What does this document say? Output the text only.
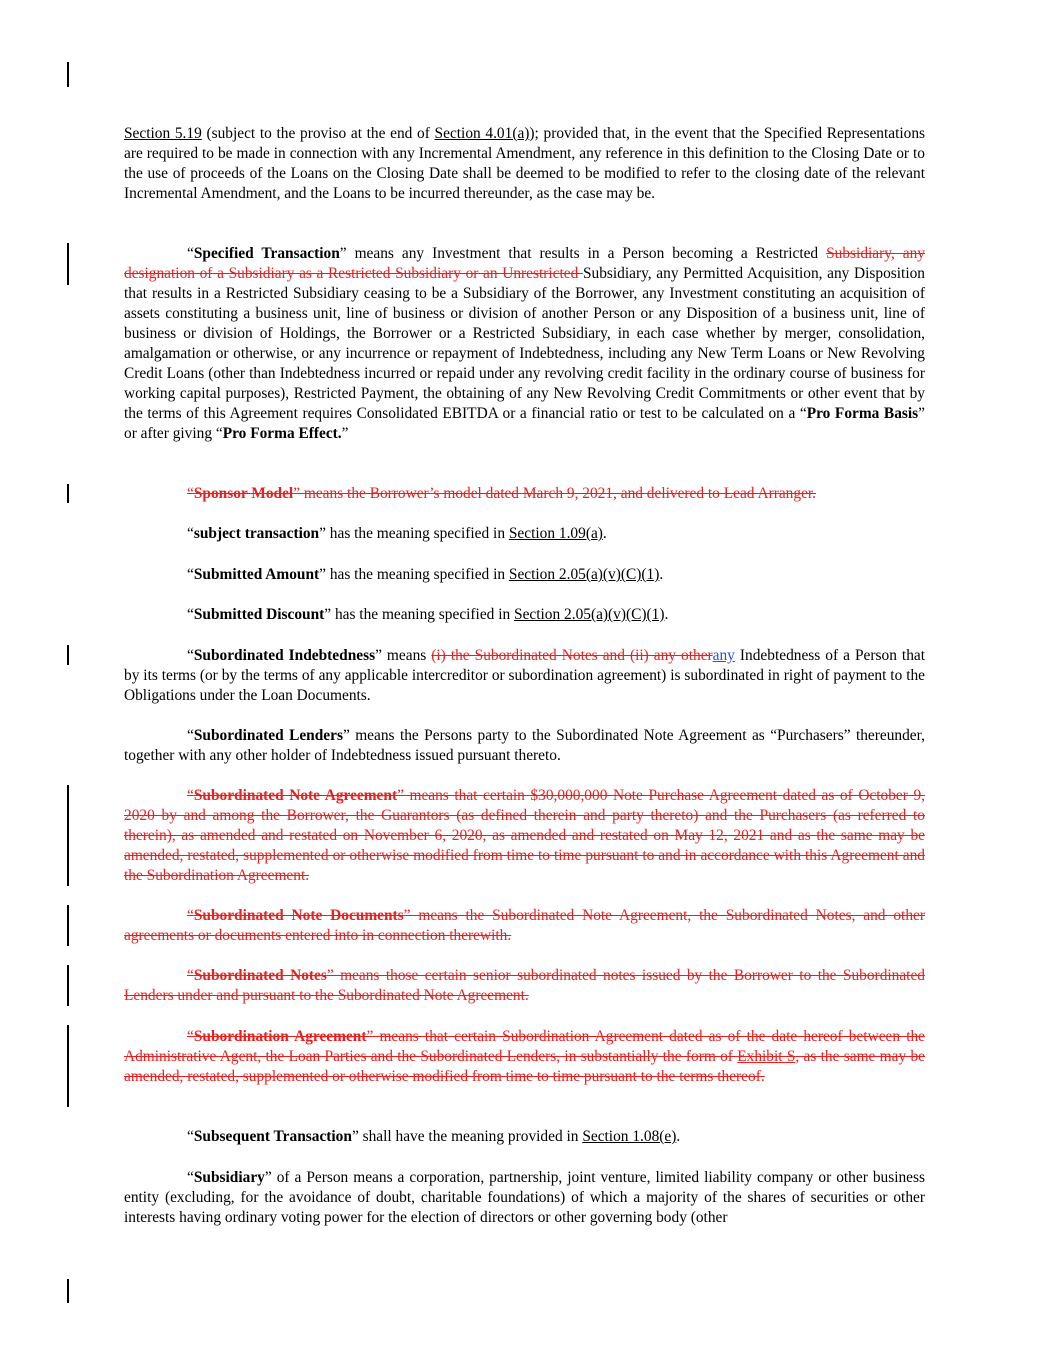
Section 5.19 (subject to the proviso at the end of Section 4.01(a)); provided that, in the event that the Specified Representations are required to be made in connection with any Incremental Amendment, any reference in this definition to the Closing Date or to the use of proceeds of the Loans on the Closing Date shall be deemed to be modified to refer to the closing date of the relevant Incremental Amendment, and the Loans to be incurred thereunder, as the case may be.

“Specified Transaction” means any Investment that results in a Person becoming a Restricted Subsidiary, any designation of a Subsidiary as a Restricted Subsidiary or an Unrestricted Subsidiary, any Permitted Acquisition, any Disposition that results in a Restricted Subsidiary ceasing to be a Subsidiary of the Borrower, any Investment constituting an acquisition of assets constituting a business unit, line of business or division of another Person or any Disposition of a business unit, line of business or division of Holdings, the Borrower or a Restricted Subsidiary, in each case whether by merger, consolidation, amalgamation or otherwise, or any incurrence or repayment of Indebtedness, including any New Term Loans or New Revolving Credit Loans (other than Indebtedness incurred or repaid under any revolving credit facility in the ordinary course of business for working capital purposes), Restricted Payment, the obtaining of any New Revolving Credit Commitments or other event that by the terms of this Agreement requires Consolidated EBITDA or a financial ratio or test to be calculated on a “Pro Forma Basis” or after giving “Pro Forma Effect.”

“Sponsor Model” means the Borrower’s model dated March 9, 2021, and delivered to Lead Arranger.

“subject transaction” has the meaning specified in Section 1.09(a).

“Submitted Amount” has the meaning specified in Section 2.05(a)(v)(C)(1).

“Submitted Discount” has the meaning specified in Section 2.05(a)(v)(C)(1).

“Subordinated Indebtedness” means (i) the Subordinated Notes and (ii) any otherany Indebtedness of a Person that by its terms (or by the terms of any applicable intercreditor or subordination agreement) is subordinated in right of payment to the Obligations under the Loan Documents.

“Subordinated Lenders” means the Persons party to the Subordinated Note Agreement as “Purchasers” thereunder, together with any other holder of Indebtedness issued pursuant thereto.

“Subordinated Note Agreement” means that certain $30,000,000 Note Purchase Agreement dated as of October 9, 2020 by and among the Borrower, the Guarantors (as defined therein and party thereto) and the Purchasers (as referred to therein), as amended and restated on November 6, 2020, as amended and restated on May 12, 2021 and as the same may be amended, restated, supplemented or otherwise modified from time to time pursuant to and in accordance with this Agreement and the Subordination Agreement.

“Subordinated Note Documents” means the Subordinated Note Agreement, the Subordinated Notes, and other agreements or documents entered into in connection therewith.

“Subordinated Notes” means those certain senior subordinated notes issued by the Borrower to the Subordinated Lenders under and pursuant to the Subordinated Note Agreement.

“Subordination Agreement” means that certain Subordination Agreement dated as of the date hereof between the Administrative Agent, the Loan Parties and the Subordinated Lenders, in substantially the form of Exhibit S, as the same may be amended, restated, supplemented or otherwise modified from time to time pursuant to the terms thereof.

“Subsequent Transaction” shall have the meaning provided in Section 1.08(e).

“Subsidiary” of a Person means a corporation, partnership, joint venture, limited liability company or other business entity (excluding, for the avoidance of doubt, charitable foundations) of which a majority of the shares of securities or other interests having ordinary voting power for the election of directors or other governing body (other
